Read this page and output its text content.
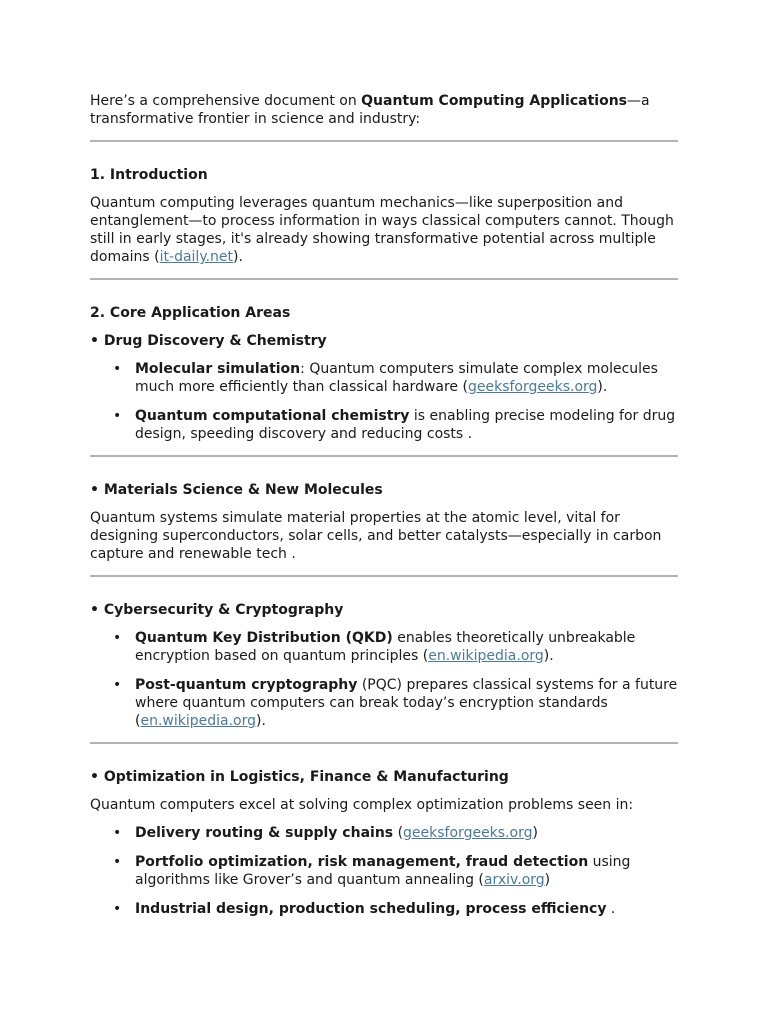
Here’s a comprehensive document on Quantum Computing Applications—a transformative frontier in science and industry:

1. Introduction

Quantum computing leverages quantum mechanics—like superposition and entanglement—to process information in ways classical computers cannot. Though still in early stages, it's already showing transformative potential across multiple domains (it-daily.net).

2. Core Application Areas

• Drug Discovery & Chemistry

• Molecular simulation: Quantum computers simulate complex molecules much more efficiently than classical hardware (geeksforgeeks.org).
• Quantum computational chemistry is enabling precise modeling for drug design, speeding discovery and reducing costs .

• Materials Science & New Molecules

Quantum systems simulate material properties at the atomic level, vital for designing superconductors, solar cells, and better catalysts—especially in carbon capture and renewable tech .

• Cybersecurity & Cryptography

• Quantum Key Distribution (QKD) enables theoretically unbreakable encryption based on quantum principles (en.wikipedia.org).
• Post-quantum cryptography (PQC) prepares classical systems for a future where quantum computers can break today’s encryption standards (en.wikipedia.org).

• Optimization in Logistics, Finance & Manufacturing

Quantum computers excel at solving complex optimization problems seen in:

• Delivery routing & supply chains (geeksforgeeks.org)
• Portfolio optimization, risk management, fraud detection using algorithms like Grover’s and quantum annealing (arxiv.org)
• Industrial design, production scheduling, process efficiency .
